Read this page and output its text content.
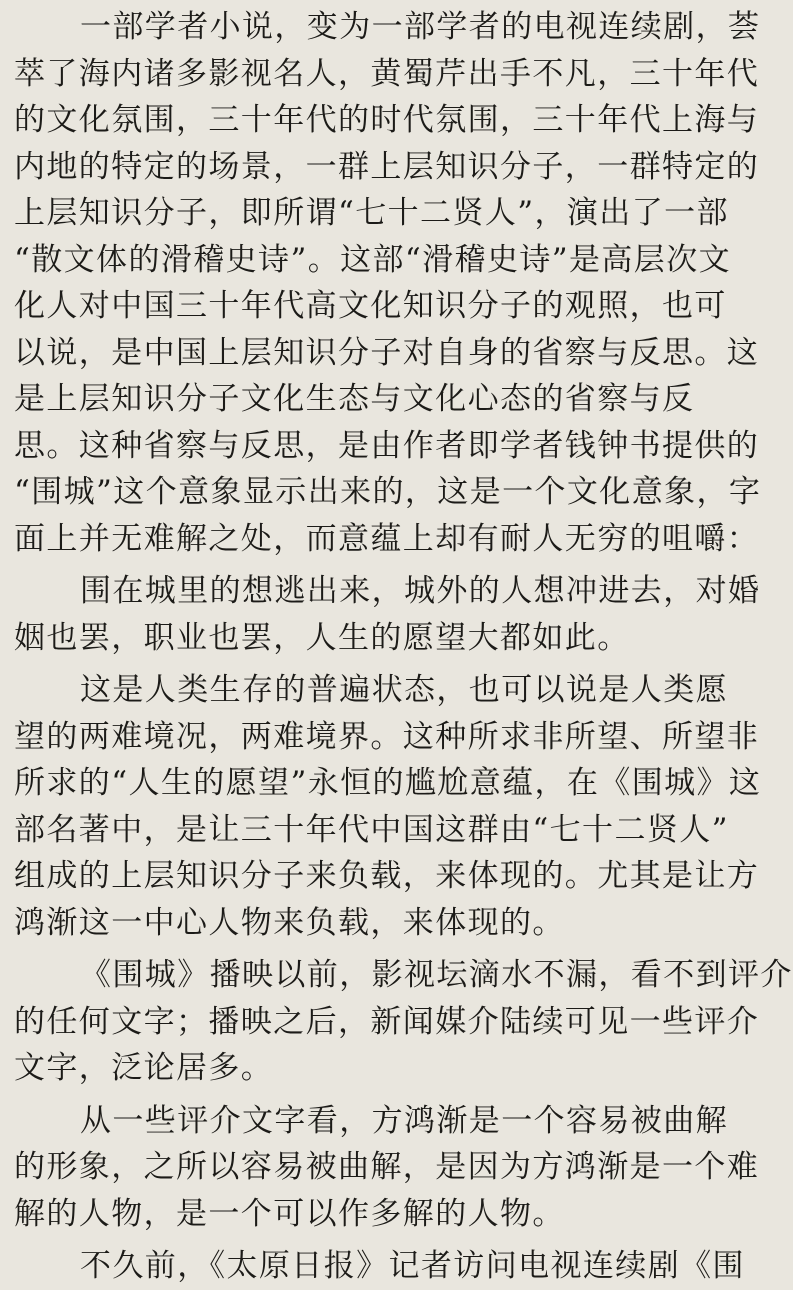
一部学者小说，变为一部学者的电视连续剧，荟
萃了海内诸多影视名人，黄蜀芹出手不凡，三十年代
的文化氛围，三十年代的时代氛围，三十年代上海与
内地的特定的场景，一群上层知识分子，一群特定的
上层知识分子，即所谓“七十二贤人”，演出了一部
“散文体的滑稽史诗”。这部“滑稽史诗”是高层次文
化人对中国三十年代高文化知识分子的观照，也可
以说，是中国上层知识分子对自身的省察与反思。这
是上层知识分子文化生态与文化心态的省察与反
思。这种省察与反思，是由作者即学者钱钟书提供的
“围城”这个意象显示出来的，这是一个文化意象，字
面上并无难解之处，而意蕴上却有耐人无穷的咀嚼：
围在城里的想逃出来，城外的人想冲进去，对婚
姻也罢，职业也罢，人生的愿望大都如此。
这是人类生存的普遍状态，也可以说是人类愿
望的两难境况，两难境界。这种所求非所望、所望非
所求的“人生的愿望”永恒的尴尬意蕴，在《围城》这
部名著中，是让三十年代中国这群由“七十二贤人”
组成的上层知识分子来负载，来体现的。尤其是让方
鸿渐这一中心人物来负载，来体现的。
《围城》播映以前，影视坛滴水不漏，看不到评介
的任何文字；播映之后，新闻媒介陆续可见一些评介
文字，泛论居多。
从一些评介文字看，方鸿渐是一个容易被曲解
的形象，之所以容易被曲解，是因为方鸿渐是一个难
解的人物，是一个可以作多解的人物。
不久前，《太原日报》记者访问电视连续剧《围
